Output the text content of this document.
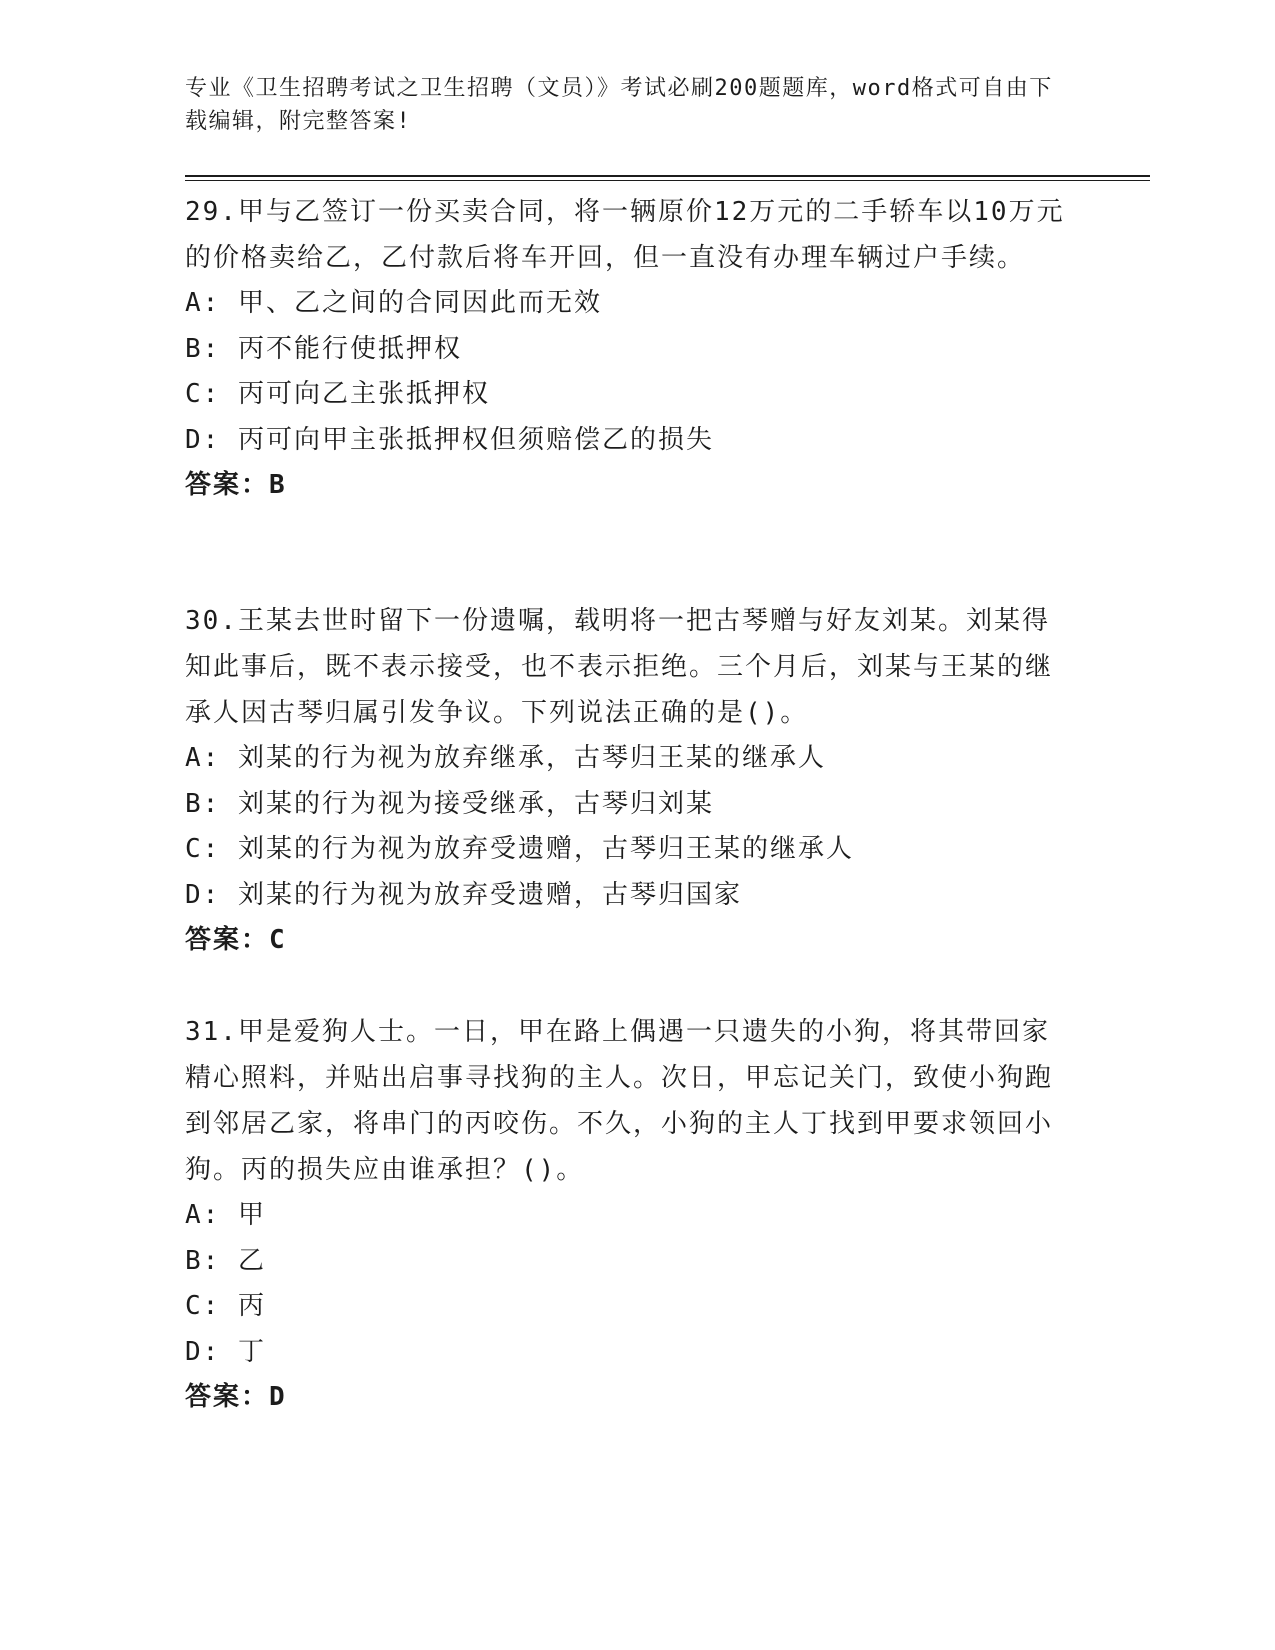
专业《卫生招聘考试之卫生招聘（文员）》考试必刷200题题库，word格式可自由下载编辑，附完整答案!

29.甲与乙签订一份买卖合同，将一辆原价12万元的二手轿车以10万元的价格卖给乙，乙付款后将车开回，但一直没有办理车辆过户手续。

A: 甲、乙之间的合同因此而无效

B: 丙不能行使抵押权

C: 丙可向乙主张抵押权

D: 丙可向甲主张抵押权但须赔偿乙的损失

答案：B

30.王某去世时留下一份遗嘱，载明将一把古琴赠与好友刘某。刘某得知此事后，既不表示接受，也不表示拒绝。三个月后，刘某与王某的继承人因古琴归属引发争议。下列说法正确的是()。

A: 刘某的行为视为放弃继承，古琴归王某的继承人

B: 刘某的行为视为接受继承，古琴归刘某

C: 刘某的行为视为放弃受遗赠，古琴归王某的继承人

D: 刘某的行为视为放弃受遗赠，古琴归国家

答案：C

31.甲是爱狗人士。一日，甲在路上偶遇一只遗失的小狗，将其带回家精心照料，并贴出启事寻找狗的主人。次日，甲忘记关门，致使小狗跑到邻居乙家，将串门的丙咬伤。不久，小狗的主人丁找到甲要求领回小狗。丙的损失应由谁承担？()。

A: 甲

B: 乙

C: 丙

D: 丁

答案：D
